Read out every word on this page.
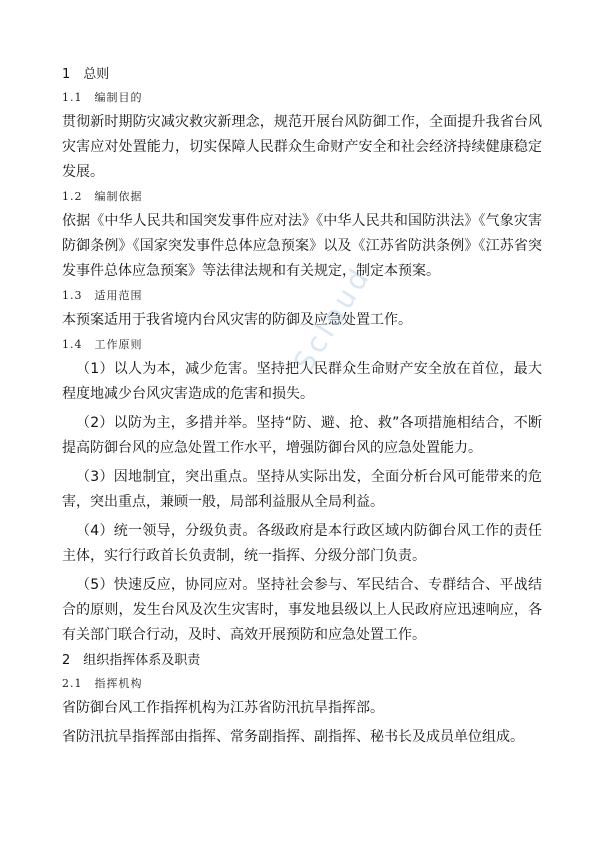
1　总则
1.1　编制目的
贯彻新时期防灾减灾救灾新理念，规范开展台风防御工作，全面提升我省台风灾害应对处置能力，切实保障人民群众生命财产安全和社会经济持续健康稳定发展。
1.2　编制依据
依据《中华人民共和国突发事件应对法》《中华人民共和国防洪法》《气象灾害防御条例》《国家突发事件总体应急预案》以及《江苏省防洪条例》《江苏省突发事件总体应急预案》等法律法规和有关规定，制定本预案。
1.3　适用范围
本预案适用于我省境内台风灾害的防御及应急处置工作。
1.4　工作原则
（1）以人为本，减少危害。坚持把人民群众生命财产安全放在首位，最大程度地减少台风灾害造成的危害和损失。
（2）以防为主，多措并举。坚持“防、避、抢、救”各项措施相结合，不断提高防御台风的应急处置工作水平，增强防御台风的应急处置能力。
（3）因地制宜，突出重点。坚持从实际出发，全面分析台风可能带来的危害，突出重点，兼顾一般，局部利益服从全局利益。
（4）统一领导，分级负责。各级政府是本行政区域内防御台风工作的责任主体，实行行政首长负责制，统一指挥、分级分部门负责。
（5）快速反应，协同应对。坚持社会参与、军民结合、专群结合、平战结合的原则，发生台风及次生灾害时，事发地县级以上人民政府应迅速响应，各有关部门联合行动，及时、高效开展预防和应急处置工作。
2　组织指挥体系及职责
2.1　指挥机构
省防御台风工作指挥机构为江苏省防汛抗旱指挥部。
省防汛抗旱指挥部由指挥、常务副指挥、副指挥、秘书长及成员单位组成。
Scloud
